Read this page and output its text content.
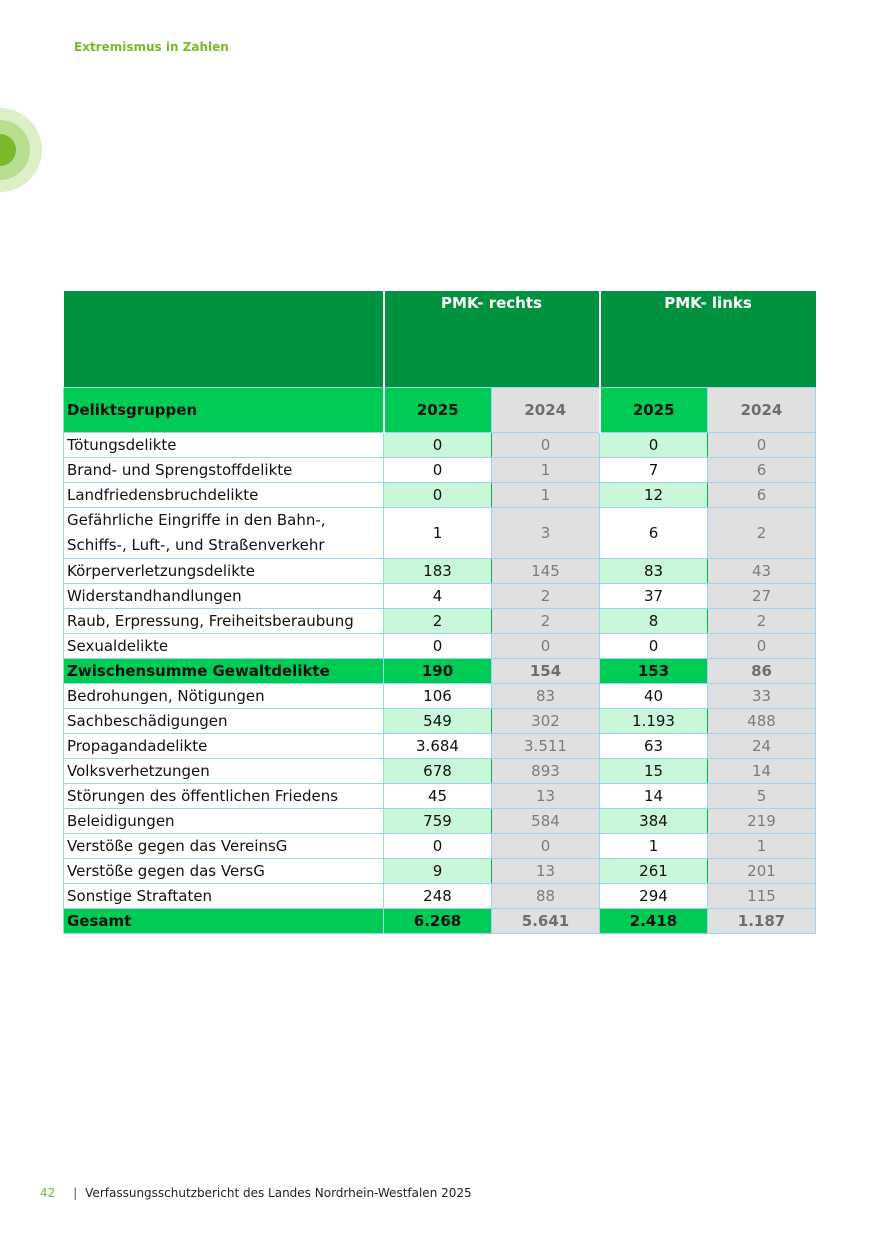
Extremismus in Zahlen
	PMK- rechts		PMK- links	
Deliktsgruppen	2025	2024	2025	2024
Tötungsdelikte	0	0	0	0
Brand- und Sprengstoffdelikte	0	1	7	6
Landfriedensbruchdelikte	0	1	12	6
Gefährliche Eingriffe in den Bahn-,
Schiffs-, Luft-, und Straßenverkehr	1	3	6	2
Körperverletzungsdelikte	183	145	83	43
Widerstandhandlungen	4	2	37	27
Raub, Erpressung, Freiheitsberaubung	2	2	8	2
Sexualdelikte	0	0	0	0
Zwischensumme Gewaltdelikte	190	154	153	86
Bedrohungen, Nötigungen	106	83	40	33
Sachbeschädigungen	549	302	1.193	488
Propagandadelikte	3.684	3.511	63	24
Volksverhetzungen	678	893	15	14
Störungen des öffentlichen Friedens	45	13	14	5
Beleidigungen	759	584	384	219
Verstöße gegen das VereinsG	0	0	1	1
Verstöße gegen das VersG	9	13	261	201
Sonstige Straftaten	248	88	294	115
Gesamt	6.268	5.641	2.418	1.187
42 | Verfassungsschutzbericht des Landes Nordrhein-Westfalen 2025
